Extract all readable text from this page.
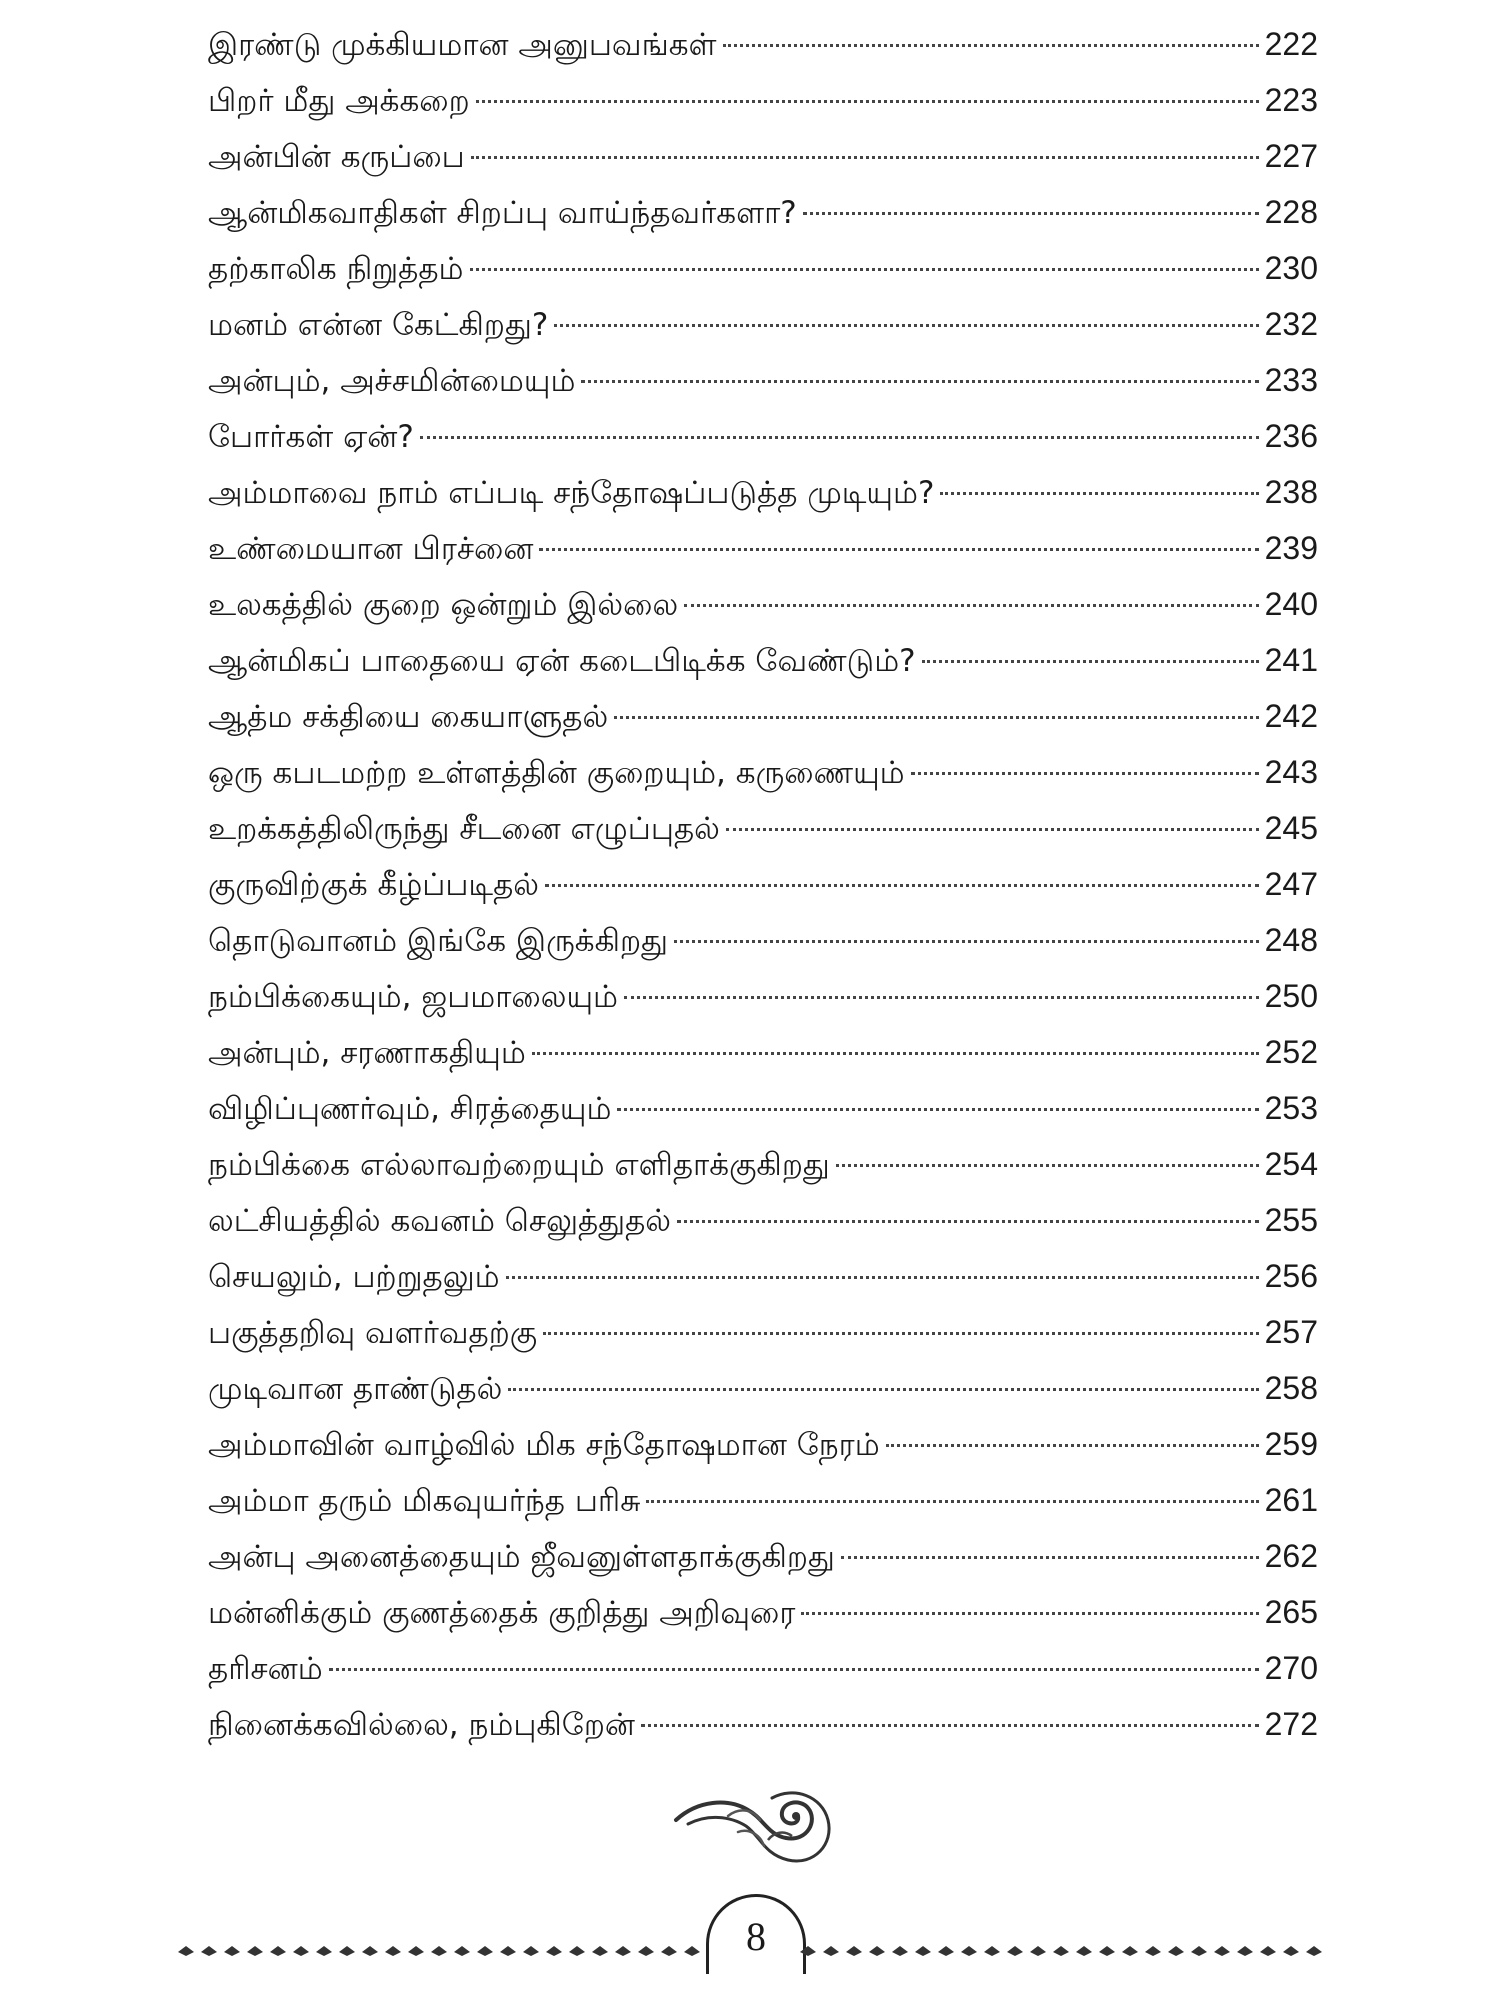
இரண்டு முக்கியமான அனுபவங்கள்	222
பிறர் மீது அக்கறை	223
அன்பின் கருப்பை	227
ஆன்மிகவாதிகள் சிறப்பு வாய்ந்தவர்களா?	228
தற்காலிக நிறுத்தம்	230
மனம் என்ன கேட்கிறது?	232
அன்பும், அச்சமின்மையும்	233
போர்கள் ஏன்?	236
அம்மாவை நாம் எப்படி சந்தோஷப்படுத்த முடியும்?	238
உண்மையான பிரச்னை	239
உலகத்தில் குறை ஒன்றும் இல்லை	240
ஆன்மிகப் பாதையை ஏன் கடைபிடிக்க வேண்டும்?	241
ஆத்ம சக்தியை கையாளுதல்	242
ஒரு கபடமற்ற உள்ளத்தின் குறையும், கருணையும்	243
உறக்கத்திலிருந்து சீடனை எழுப்புதல்	245
குருவிற்குக் கீழ்ப்படிதல்	247
தொடுவானம் இங்கே இருக்கிறது	248
நம்பிக்கையும், ஜபமாலையும்	250
அன்பும், சரணாகதியும்	252
விழிப்புணர்வும், சிரத்தையும்	253
நம்பிக்கை எல்லாவற்றையும் எளிதாக்குகிறது	254
லட்சியத்தில் கவனம் செலுத்துதல்	255
செயலும், பற்றுதலும்	256
பகுத்தறிவு வளர்வதற்கு	257
முடிவான தாண்டுதல்	258
அம்மாவின் வாழ்வில் மிக சந்தோஷமான நேரம்	259
அம்மா தரும் மிகவுயர்ந்த பரிசு	261
அன்பு அனைத்தையும் ஜீவனுள்ளதாக்குகிறது	262
மன்னிக்கும் குணத்தைக் குறித்து அறிவுரை	265
தரிசனம்	270
நினைக்கவில்லை, நம்புகிறேன்	272
8
